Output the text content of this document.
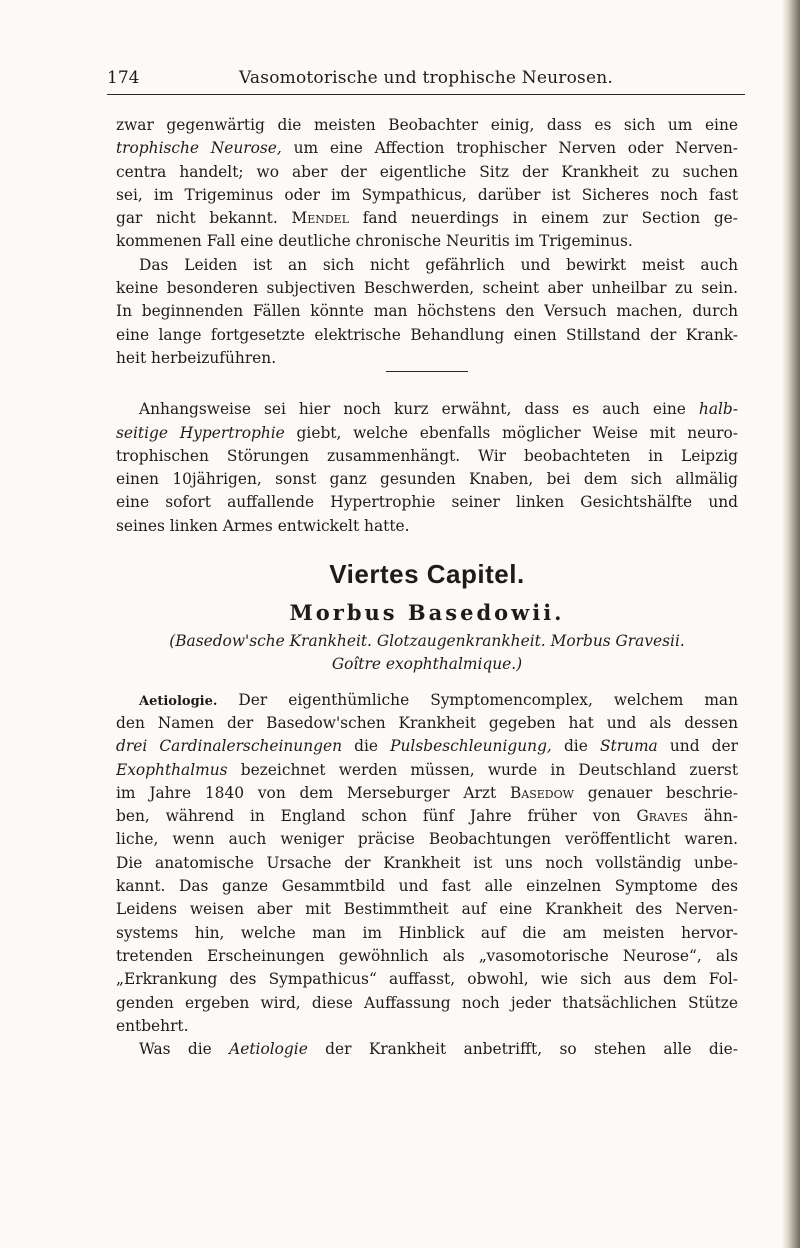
174	Vasomotorische und trophische Neurosen.
zwar gegenwärtig die meisten Beobachter einig, dass es sich um eine
trophische Neurose, um eine Affection trophischer Nerven oder Nerven-
centra handelt; wo aber der eigentliche Sitz der Krankheit zu suchen
sei, im Trigeminus oder im Sympathicus, darüber ist Sicheres noch fast
gar nicht bekannt. Mendel fand neuerdings in einem zur Section ge-
kommenen Fall eine deutliche chronische Neuritis im Trigeminus.
Das Leiden ist an sich nicht gefährlich und bewirkt meist auch
keine besonderen subjectiven Beschwerden, scheint aber unheilbar zu sein.
In beginnenden Fällen könnte man höchstens den Versuch machen, durch
eine lange fortgesetzte elektrische Behandlung einen Stillstand der Krank-
heit herbeizuführen.
Anhangsweise sei hier noch kurz erwähnt, dass es auch eine halb-
seitige Hypertrophie giebt, welche ebenfalls möglicher Weise mit neuro-
trophischen Störungen zusammenhängt. Wir beobachteten in Leipzig
einen 10jährigen, sonst ganz gesunden Knaben, bei dem sich allmälig
eine sofort auffallende Hypertrophie seiner linken Gesichtshälfte und
seines linken Armes entwickelt hatte.
Viertes Capitel.
Morbus Basedowii.
(Basedow'sche Krankheit. Glotzaugenkrankheit. Morbus Gravesii.
Goître exophthalmique.)
Aetiologie. Der eigenthümliche Symptomencomplex, welchem man
den Namen der Basedow'schen Krankheit gegeben hat und als dessen
drei Cardinalerscheinungen die Pulsbeschleunigung, die Struma und der
Exophthalmus bezeichnet werden müssen, wurde in Deutschland zuerst
im Jahre 1840 von dem Merseburger Arzt Basedow genauer beschrie-
ben, während in England schon fünf Jahre früher von Graves ähn-
liche, wenn auch weniger präcise Beobachtungen veröffentlicht waren.
Die anatomische Ursache der Krankheit ist uns noch vollständig unbe-
kannt. Das ganze Gesammtbild und fast alle einzelnen Symptome des
Leidens weisen aber mit Bestimmtheit auf eine Krankheit des Nerven-
systems hin, welche man im Hinblick auf die am meisten hervor-
tretenden Erscheinungen gewöhnlich als „vasomotorische Neurose“, als
„Erkrankung des Sympathicus“ auffasst, obwohl, wie sich aus dem Fol-
genden ergeben wird, diese Auffassung noch jeder thatsächlichen Stütze
entbehrt.
Was die Aetiologie der Krankheit anbetrifft, so stehen alle die-
